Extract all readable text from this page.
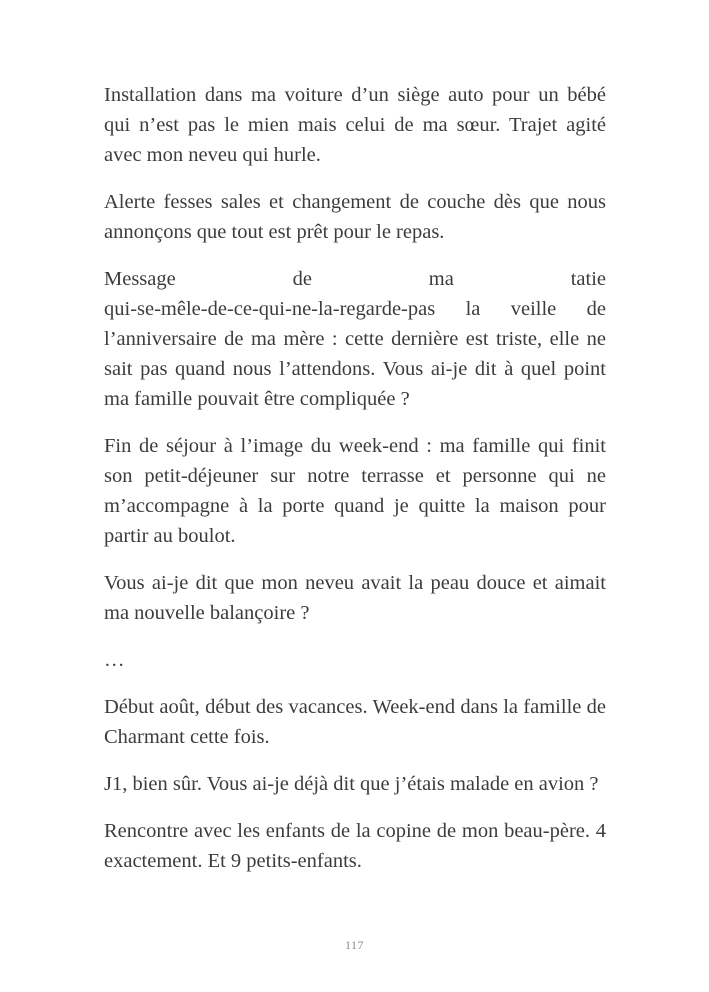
Installation dans ma voiture d’un siège auto pour un bébé qui n’est pas le mien mais celui de ma sœur. Trajet agité avec mon neveu qui hurle.

Alerte fesses sales et changement de couche dès que nous annonçons que tout est prêt pour le repas.

Message de ma tatie qui-se-mêle-de-ce-qui-ne-la-regarde-pas la veille de l’anniversaire de ma mère : cette dernière est triste, elle ne sait pas quand nous l’attendons. Vous ai-je dit à quel point ma famille pouvait être compliquée ?

Fin de séjour à l’image du week-end : ma famille qui finit son petit-déjeuner sur notre terrasse et personne qui ne m’accompagne à la porte quand je quitte la maison pour partir au boulot.

Vous ai-je dit que mon neveu avait la peau douce et aimait ma nouvelle balançoire ?

…

Début août, début des vacances. Week-end dans la famille de Charmant cette fois.

J1, bien sûr. Vous ai-je déjà dit que j’étais malade en avion ?

Rencontre avec les enfants de la copine de mon beau-père. 4 exactement. Et 9 petits-enfants.

117
